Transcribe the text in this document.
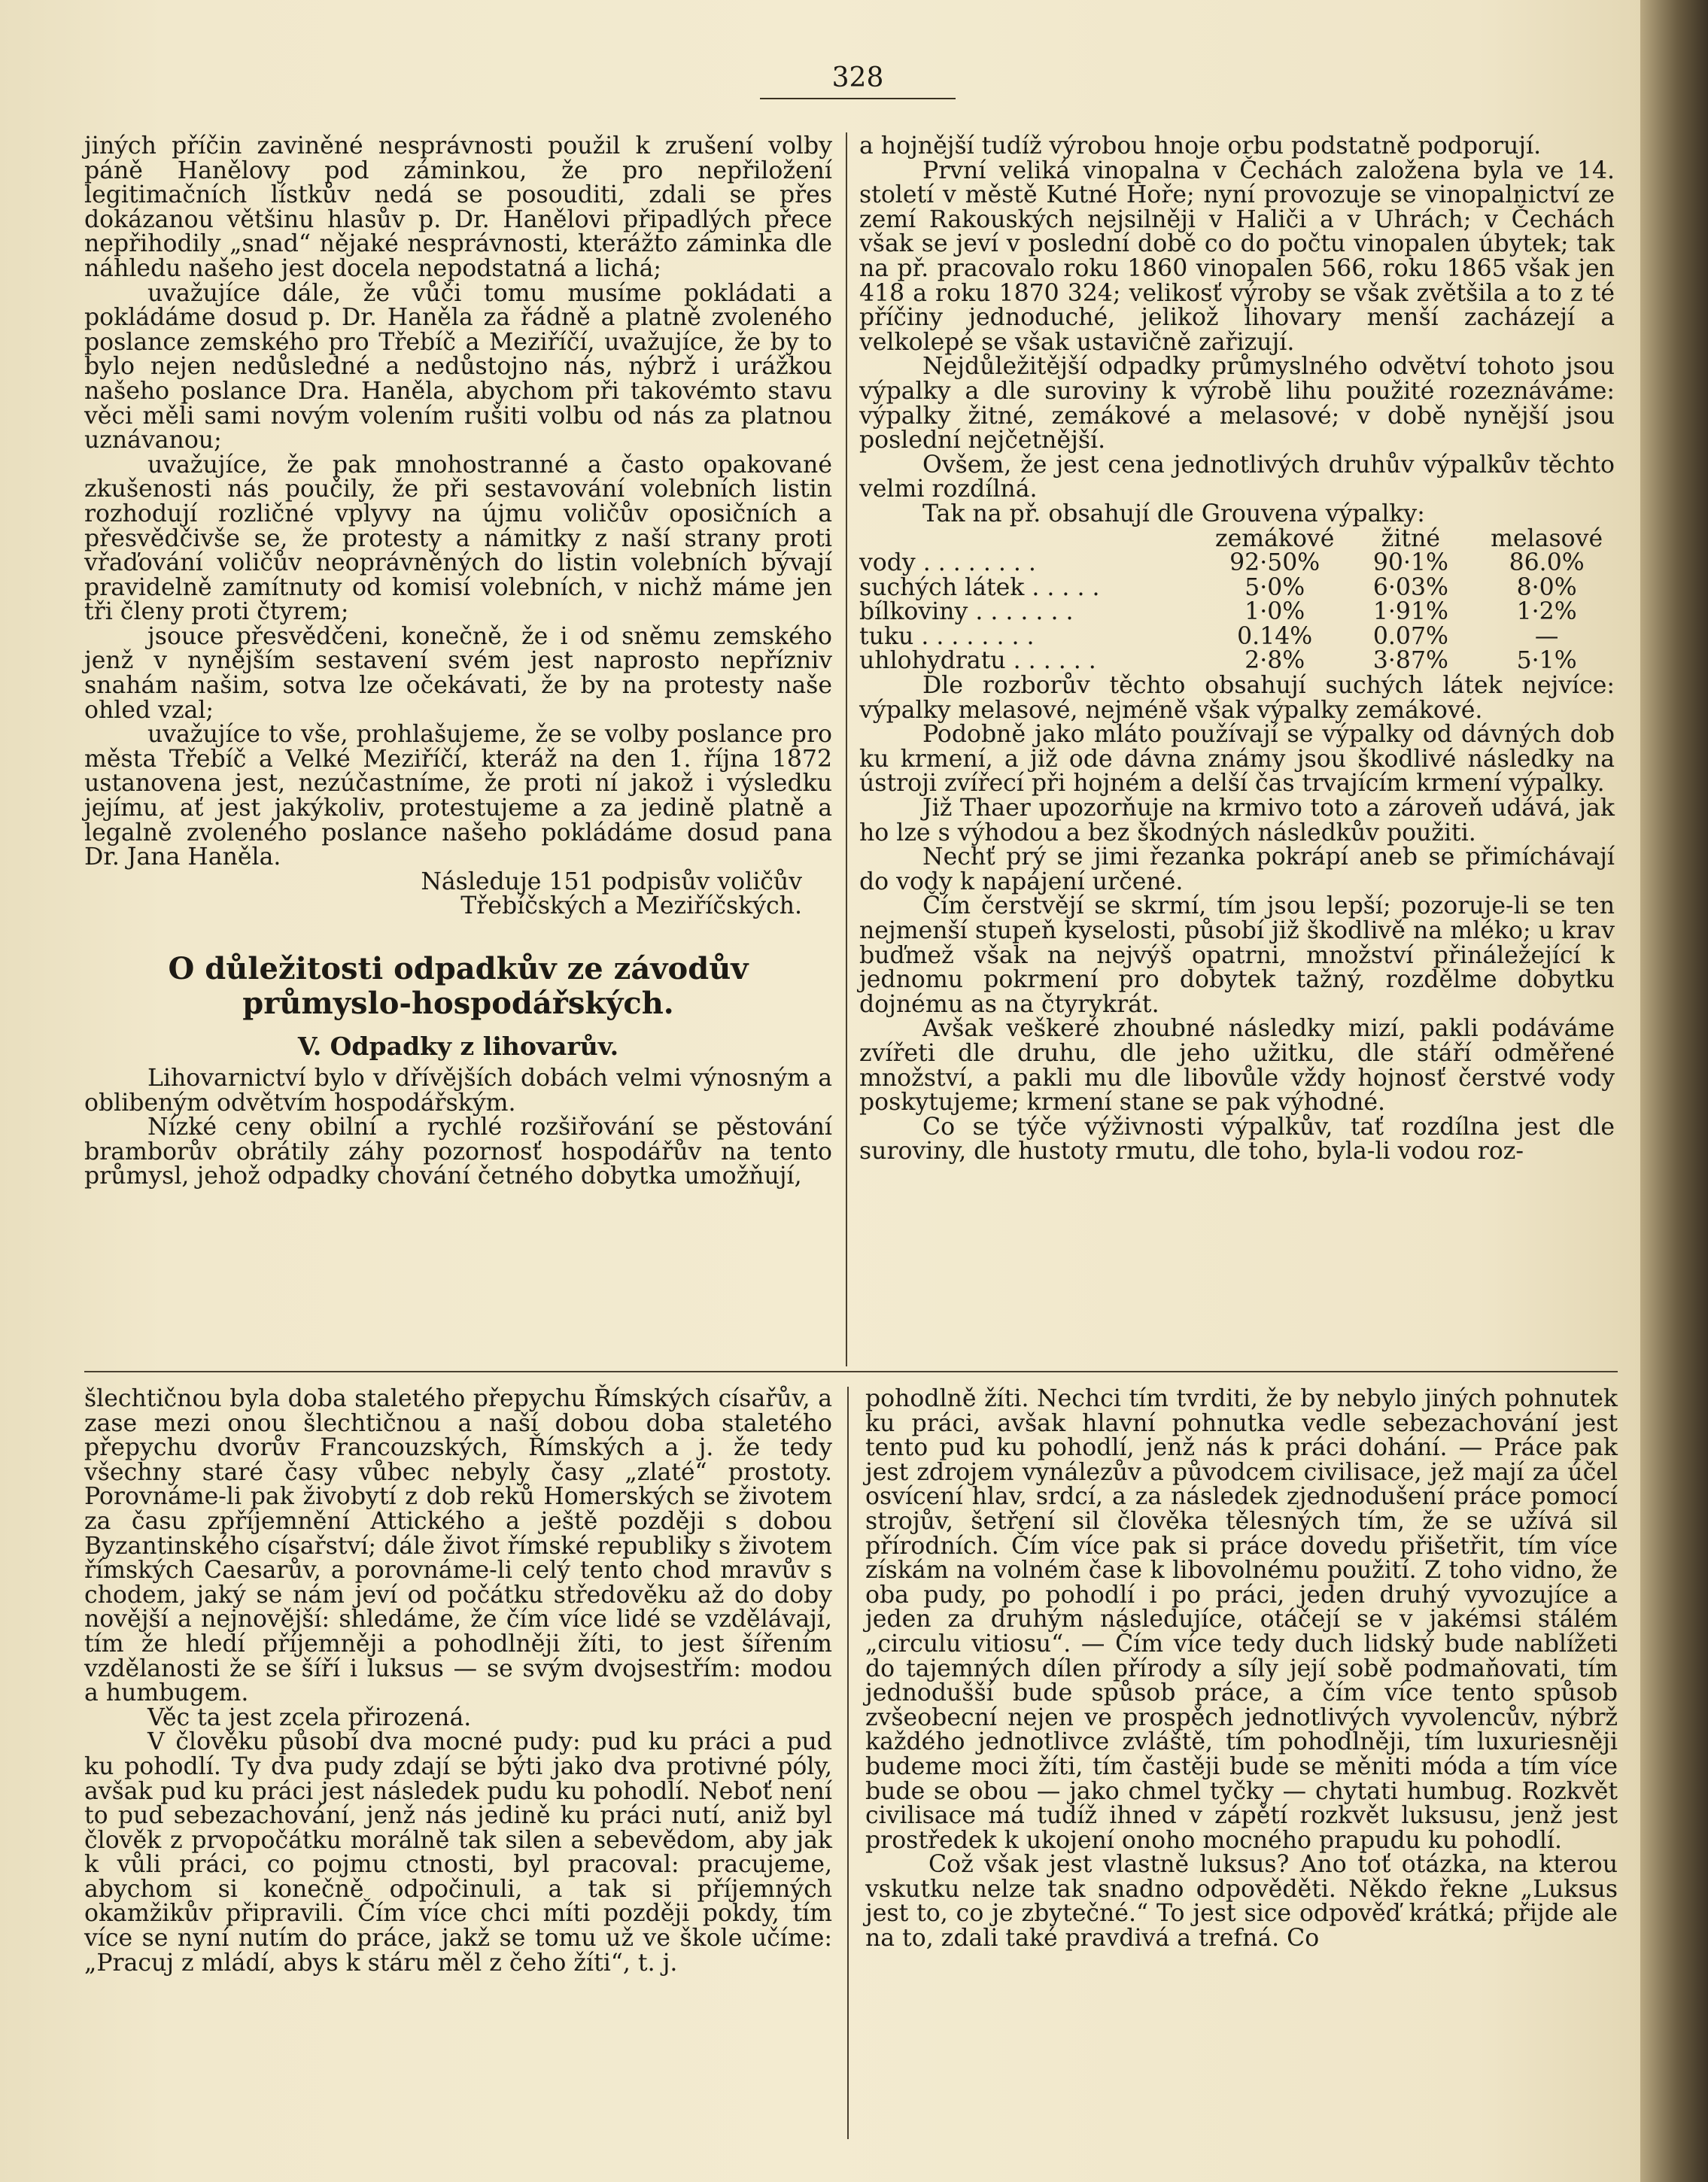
328

jiných příčin zaviněné nesprávnosti použil k zrušení volby páně Hanělovy pod záminkou, že pro nepřiložení legitimačních lístkův nedá se posouditi, zdali se přes dokázanou většinu hlasův p. Dr. Hanělovi připadlých přece nepřihodily „snad“ nějaké nesprávnosti, kterážto záminka dle náhledu našeho jest docela nepodstatná a lichá;

uvažujíce dále, že vůči tomu musíme pokládati a pokládáme dosud p. Dr. Haněla za řádně a platně zvoleného poslance zemského pro Třebíč a Meziříčí, uvažujíce, že by to bylo nejen nedůsledné a nedůstojno nás, nýbrž i urážkou našeho poslance Dra. Haněla, abychom při takovémto stavu věci měli sami novým volením rušiti volbu od nás za platnou uznávanou;

uvažujíce, že pak mnohostranné a často opakované zkušenosti nás poučily, že při sestavování volebních listin rozhodují rozličné vplyvy na újmu voličův oposičních a přesvědčivše se, že protesty a námitky z naší strany proti vřaďování voličův neoprávněných do listin volebních bývají pravidelně zamítnuty od komisí volebních, v nichž máme jen tři členy proti čtyrem;

jsouce přesvědčeni, konečně, že i od sněmu zemského jenž v nynějším sestavení svém jest naprosto nepřízniv snahám našim, sotva lze očekávati, že by na protesty naše ohled vzal;

uvažujíce to vše, prohlašujeme, že se volby poslance pro města Třebíč a Velké Meziříčí, kteráž na den 1. října 1872 ustanovena jest, nezúčastníme, že proti ní jakož i výsledku jejímu, ať jest jakýkoliv, protestujeme a za jedině platně a legalně zvoleného poslance našeho pokládáme dosud pana Dr. Jana Haněla.

Následuje 151 podpisův voličův

Třebíčských a Meziříčských.

O důležitosti odpadkův ze závodův průmyslo-hospodářských.
V. Odpadky z lihovarův.

Lihovarnictví bylo v dřívějších dobách velmi výnosným a oblibeným odvětvím hospodářským.

Nízké ceny obilní a rychlé rozšiřování se pěstování bramborův obrátily záhy pozornosť hospodářův na tento průmysl, jehož odpadky chování četného dobytka umožňují,

a hojnější tudíž výrobou hnoje orbu podstatně podporují.

První veliká vinopalna v Čechách založena byla ve 14. století v městě Kutné Hoře; nyní provozuje se vinopalnictví ze zemí Rakouských nejsilněji v Haliči a v Uhrách; v Čechách však se jeví v poslední době co do počtu vinopalen úbytek; tak na př. pracovalo roku 1860 vinopalen 566, roku 1865 však jen 418 a roku 1870 324; velikosť výroby se však zvětšila a to z té příčiny jednoduché, jelikož lihovary menší zacházejí a velkolepé se však ustavičně zařizují.

Nejdůležitější odpadky průmyslného odvětví tohoto jsou výpalky a dle suroviny k výrobě lihu použité rozeznáváme: výpalky žitné, zemákové a melasové; v době nynější jsou poslední nejčetnější.

Ovšem, že jest cena jednotlivých druhův výpalkův těchto velmi rozdílná.

Tak na př. obsahují dle Grouvena výpalky:

	zemákové	žitné	melasové
vody . . . . . . . .	92·50%	90·1%	86.0%
suchých látek . . . . .	5·0%	6·03%	8·0%
bílkoviny . . . . . . .	1·0%	1·91%	1·2%
tuku . . . . . . . .	0.14%	0.07%	—
uhlohydratu . . . . . .	2·8%	3·87%	5·1%

Dle rozborův těchto obsahují suchých látek nejvíce: výpalky melasové, nejméně však výpalky zemákové.

Podobně jako mláto používají se výpalky od dávných dob ku krmení, a již ode dávna známy jsou škodlivé následky na ústroji zvířecí při hojném a delší čas trvajícím krmení výpalky.

Již Thaer upozorňuje na krmivo toto a zároveň udává, jak ho lze s výhodou a bez škodných následkův použiti.

Nechť prý se jimi řezanka pokrápí aneb se přimíchávají do vody k napájení určené.

Čím čerstvějí se skrmí, tím jsou lepší; pozoruje-li se ten nejmenší stupeň kyselosti, působí již škodlivě na mléko; u krav buďmež však na nejvýš opatrni, množství přináležející k jednomu pokrmení pro dobytek tažný, rozdělme dobytku dojnému as na čtyrykrát.

Avšak veškeré zhoubné následky mizí, pakli podáváme zvířeti dle druhu, dle jeho užitku, dle stáří odměřené množství, a pakli mu dle libovůle vždy hojnosť čerstvé vody poskytujeme; krmení stane se pak výhodné.

Co se týče výživnosti výpalkův, tať rozdílna jest dle suroviny, dle hustoty rmutu, dle toho, byla-li vodou roz-

šlechtičnou byla doba staletého přepychu Římských císařův, a zase mezi onou šlechtičnou a naší dobou doba staletého přepychu dvorův Francouzských, Římských a j. že tedy všechny staré časy vůbec nebyly časy „zlaté“ prostoty. Porovnáme-li pak živobytí z dob reků Homerských se životem za času zpříjemnění Attického a ještě později s dobou Byzantinského císařství; dále život římské republiky s životem římských Caesarův, a porovnáme-li celý tento chod mravův s chodem, jaký se nám jeví od počátku středověku až do doby novější a nejnovější: shledáme, že čím více lidé se vzdělávají, tím že hledí příjemněji a pohodlněji žíti, to jest šířením vzdělanosti že se šíří i luksus — se svým dvojsestřím: modou a humbugem.

Věc ta jest zcela přirozená.

V člověku působí dva mocné pudy: pud ku práci a pud ku pohodlí. Ty dva pudy zdají se býti jako dva protivné póly, avšak pud ku práci jest následek pudu ku pohodlí. Neboť není to pud sebezachování, jenž nás jedině ku práci nutí, aniž byl člověk z prvopočátku morálně tak silen a sebevědom, aby jak k vůli práci, co pojmu ctnosti, byl pracoval: pracujeme, abychom si konečně odpočinuli, a tak si příjemných okamžikův připravili. Čím více chci míti později pokdy, tím více se nyní nutím do práce, jakž se tomu už ve škole učíme: „Pracuj z mládí, abys k stáru měl z čeho žíti“, t. j.

pohodlně žíti. Nechci tím tvrditi, že by nebylo jiných pohnutek ku práci, avšak hlavní pohnutka vedle sebezachování jest tento pud ku pohodlí, jenž nás k práci dohání. — Práce pak jest zdrojem vynálezův a původcem civilisace, jež mají za účel osvícení hlav, srdcí, a za následek zjednodušení práce pomocí strojův, šetření sil člověka tělesných tím, že se užívá sil přírodních. Čím více pak si práce dovedu přišetřit, tím více získám na volném čase k libovolnému použití. Z toho vidno, že oba pudy, po pohodlí i po práci, jeden druhý vyvozujíce a jeden za druhým následujíce, otáčejí se v jakémsi stálém „circulu vitiosu“. — Čím více tedy duch lidský bude nablížeti do tajemných dílen přírody a síly její sobě podmaňovati, tím jednodušší bude spůsob práce, a čím více tento spůsob zvšeobecní nejen ve prospěch jednotlivých vyvolencův, nýbrž každého jednotlivce zvláště, tím pohodlněji, tím luxuriesněji budeme moci žíti, tím častěji bude se měniti móda a tím více bude se obou — jako chmel tyčky — chytati humbug. Rozkvět civilisace má tudíž ihned v zápětí rozkvět luksusu, jenž jest prostředek k ukojení onoho mocného prapudu ku pohodlí.

Což však jest vlastně luksus? Ano toť otázka, na kterou vskutku nelze tak snadno odpověděti. Někdo řekne „Luksus jest to, co je zbytečné.“ To jest sice odpověď krátká; přijde ale na to, zdali také pravdivá a trefná. Co
